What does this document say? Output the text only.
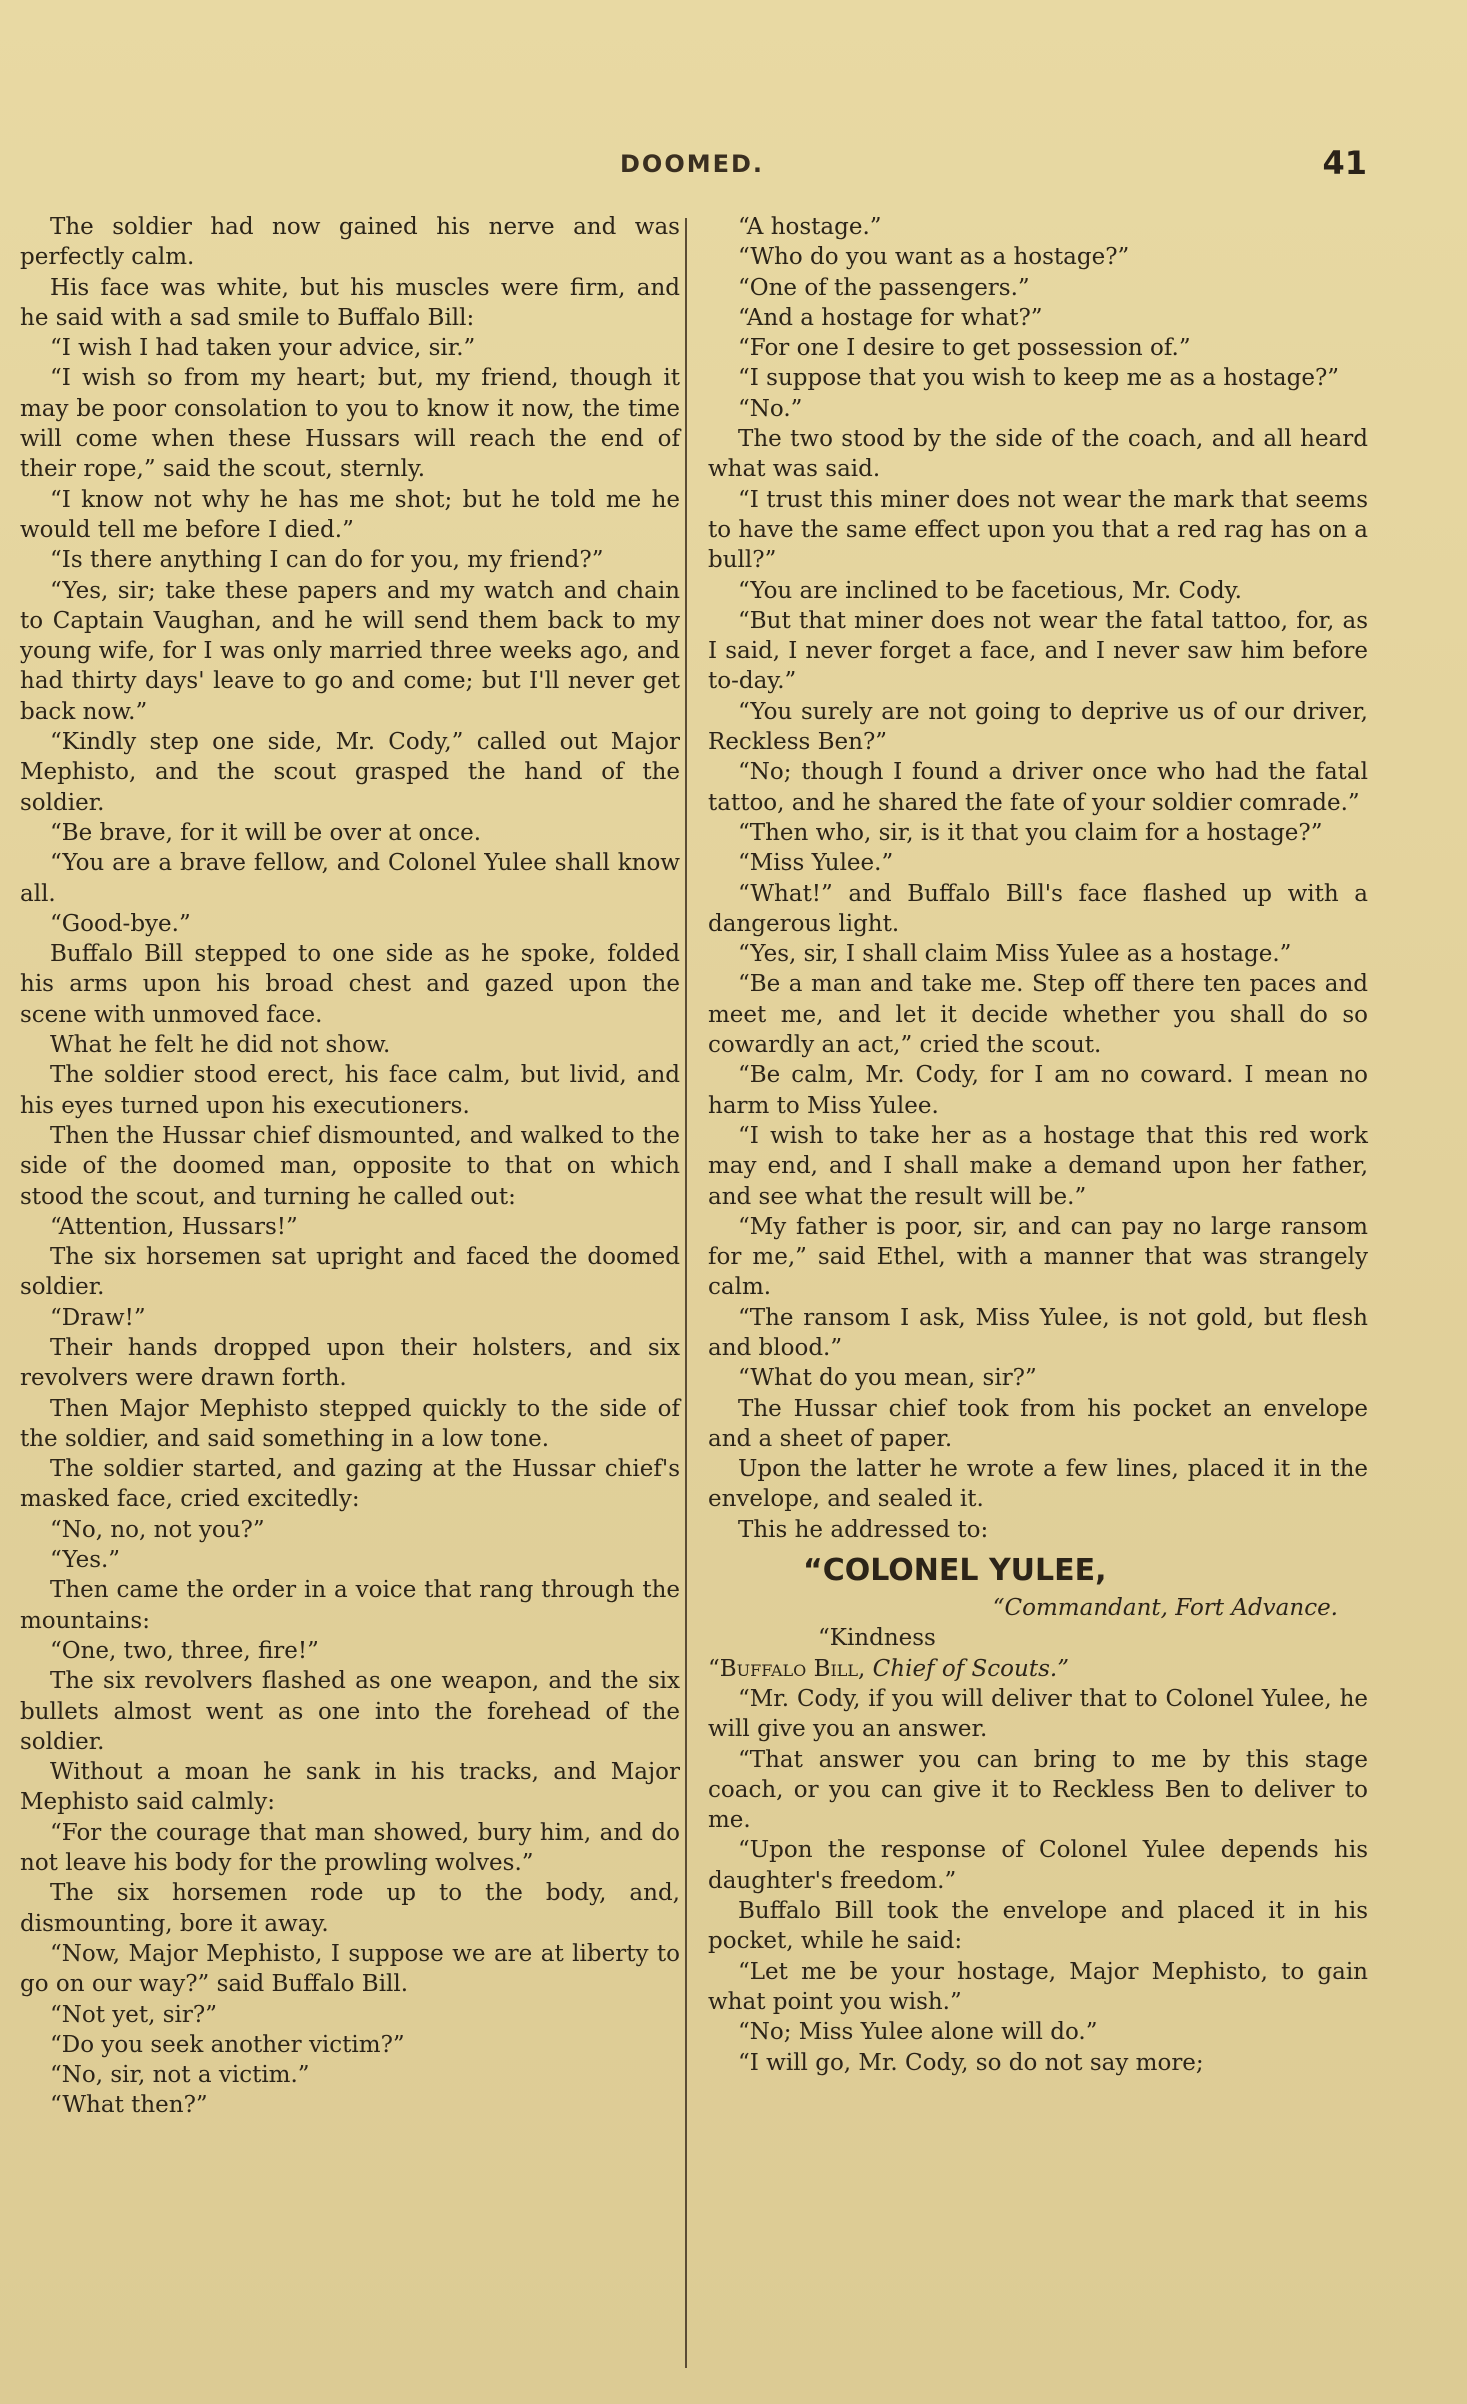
DOOMED.	41

The soldier had now gained his nerve and was perfectly calm.

His face was white, but his muscles were firm, and he said with a sad smile to Buffalo Bill:

“I wish I had taken your advice, sir.”

“I wish so from my heart; but, my friend, though it may be poor consolation to you to know it now, the time will come when these Hussars will reach the end of their rope,” said the scout, sternly.

“I know not why he has me shot; but he told me he would tell me before I died.”

“Is there anything I can do for you, my friend?”

“Yes, sir; take these papers and my watch and chain to Captain Vaughan, and he will send them back to my young wife, for I was only married three weeks ago, and had thirty days' leave to go and come; but I'll never get back now.”

“Kindly step one side, Mr. Cody,” called out Major Mephisto, and the scout grasped the hand of the soldier.

“Be brave, for it will be over at once.

“You are a brave fellow, and Colonel Yulee shall know all.

“Good-bye.”

Buffalo Bill stepped to one side as he spoke, folded his arms upon his broad chest and gazed upon the scene with unmoved face.

What he felt he did not show.

The soldier stood erect, his face calm, but livid, and his eyes turned upon his executioners.

Then the Hussar chief dismounted, and walked to the side of the doomed man, opposite to that on which stood the scout, and turning he called out:

“Attention, Hussars!”

The six horsemen sat upright and faced the doomed soldier.

“Draw!”

Their hands dropped upon their holsters, and six revolvers were drawn forth.

Then Major Mephisto stepped quickly to the side of the soldier, and said something in a low tone.

The soldier started, and gazing at the Hussar chief's masked face, cried excitedly:

“No, no, not you?”

“Yes.”

Then came the order in a voice that rang through the mountains:

“One, two, three, fire!”

The six revolvers flashed as one weapon, and the six bullets almost went as one into the forehead of the soldier.

Without a moan he sank in his tracks, and Major Mephisto said calmly:

“For the courage that man showed, bury him, and do not leave his body for the prowling wolves.”

The six horsemen rode up to the body, and, dismounting, bore it away.

“Now, Major Mephisto, I suppose we are at liberty to go on our way?” said Buffalo Bill.

“Not yet, sir?”

“Do you seek another victim?”

“No, sir, not a victim.”

“What then?”

“A hostage.”

“Who do you want as a hostage?”

“One of the passengers.”

“And a hostage for what?”

“For one I desire to get possession of.”

“I suppose that you wish to keep me as a hostage?”

“No.”

The two stood by the side of the coach, and all heard what was said.

“I trust this miner does not wear the mark that seems to have the same effect upon you that a red rag has on a bull?”

“You are inclined to be facetious, Mr. Cody.

“But that miner does not wear the fatal tattoo, for, as I said, I never forget a face, and I never saw him before to-day.”

“You surely are not going to deprive us of our driver, Reckless Ben?”

“No; though I found a driver once who had the fatal tattoo, and he shared the fate of your soldier comrade.”

“Then who, sir, is it that you claim for a hostage?”

“Miss Yulee.”

“What!” and Buffalo Bill's face flashed up with a dangerous light.

“Yes, sir, I shall claim Miss Yulee as a hostage.”

“Be a man and take me. Step off there ten paces and meet me, and let it decide whether you shall do so cowardly an act,” cried the scout.

“Be calm, Mr. Cody, for I am no coward. I mean no harm to Miss Yulee.

“I wish to take her as a hostage that this red work may end, and I shall make a demand upon her father, and see what the result will be.”

“My father is poor, sir, and can pay no large ransom for me,” said Ethel, with a manner that was strangely calm.

“The ransom I ask, Miss Yulee, is not gold, but flesh and blood.”

“What do you mean, sir?”

The Hussar chief took from his pocket an envelope and a sheet of paper.

Upon the latter he wrote a few lines, placed it in the envelope, and sealed it.

This he addressed to:

“COLONEL YULEE,

“Commandant, Fort Advance.

“Kindness

“Buffalo Bill, Chief of Scouts.”

“Mr. Cody, if you will deliver that to Colonel Yulee, he will give you an answer.

“That answer you can bring to me by this stage coach, or you can give it to Reckless Ben to deliver to me.

“Upon the response of Colonel Yulee depends his daughter's freedom.”

Buffalo Bill took the envelope and placed it in his pocket, while he said:

“Let me be your hostage, Major Mephisto, to gain what point you wish.”

“No; Miss Yulee alone will do.”

“I will go, Mr. Cody, so do not say more;
